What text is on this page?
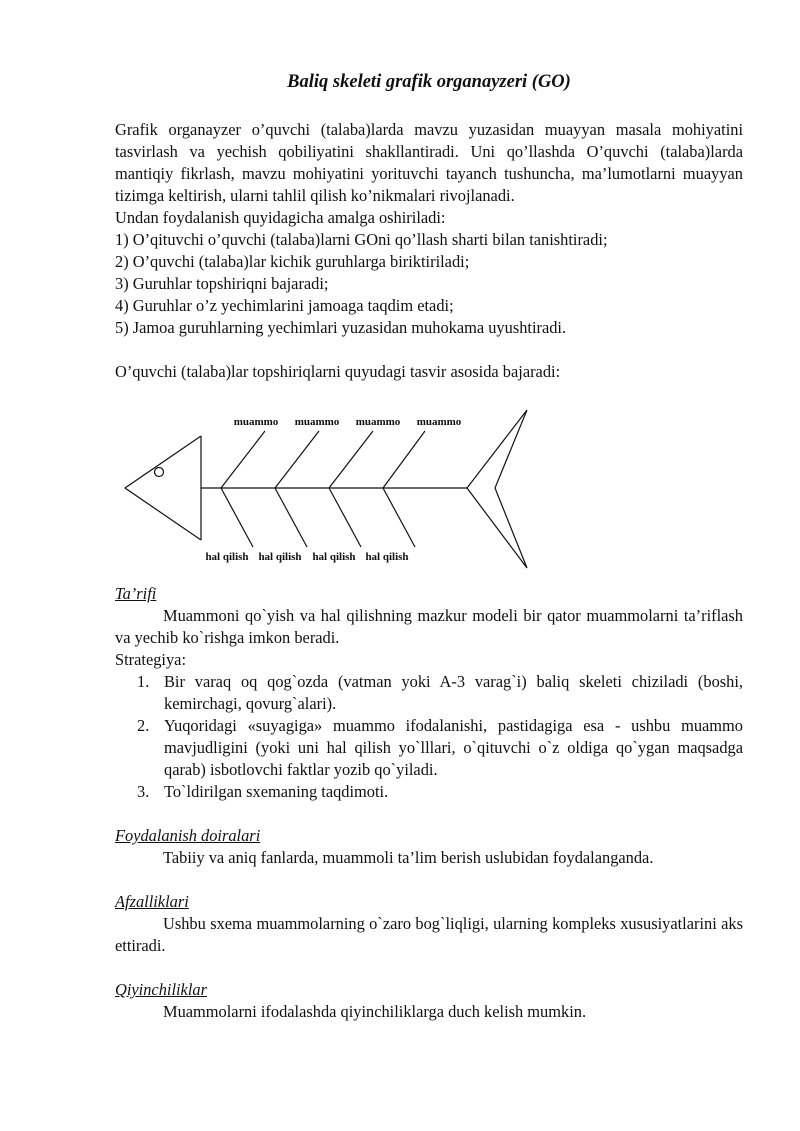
Baliq skeleti grafik organayzeri (GO)

Grafik organayzer o’quvchi (talaba)larda mavzu yuzasidan muayyan masala mohiyatini tasvirlash va yechish qobiliyatini shakllantiradi. Uni qo’llashda O’quvchi (talaba)larda mantiqiy fikrlash, mavzu mohiyatini yorituvchi tayanch tushuncha, ma’lumotlarni muayyan tizimga keltirish, ularni tahlil qilish ko’nikmalari rivojlanadi.

Undan foydalanish quyidagicha amalga oshiriladi:

1) O’qituvchi o’quvchi (talaba)larni GOni qo’llash sharti bilan tanishtiradi;

2) O’quvchi (talaba)lar kichik guruhlarga biriktiriladi;

3) Guruhlar topshiriqni bajaradi;

4) Guruhlar o’z yechimlarini jamoaga taqdim etadi;

5) Jamoa guruhlarning yechimlari yuzasidan muhokama uyushtiradi.

O’quvchi (talaba)lar topshiriqlarni quyudagi tasvir asosida bajaradi:

muammo muammo muammo muammo
hal qilish hal qilish hal qilish hal qilish

Ta’rifi

Muammoni qo`yish va hal qilishning mazkur modeli bir qator muammolarni ta’riflash va yechib ko`rishga imkon beradi.

Strategiya:

1. Bir varaq oq qog`ozda (vatman yoki A-3 varag`i) baliq skeleti chiziladi (boshi, kemirchagi, qovurg`alari).
2. Yuqoridagi «suyagiga» muammo ifodalanishi, pastidagiga esa - ushbu muammo mavjudligini (yoki uni hal qilish yo`lllari, o`qituvchi o`z oldiga qo`ygan maqsadga qarab) isbotlovchi faktlar yozib qo`yiladi.
3. To`ldirilgan sxemaning taqdimoti.

Foydalanish doiralari

Tabiiy va aniq fanlarda, muammoli ta’lim berish uslubidan foydalanganda.

Afzalliklari

Ushbu sxema muammolarning o`zaro bog`liqligi, ularning kompleks xususiyatlarini aks ettiradi.

Qiyinchiliklar

Muammolarni ifodalashda qiyinchiliklarga duch kelish mumkin.
